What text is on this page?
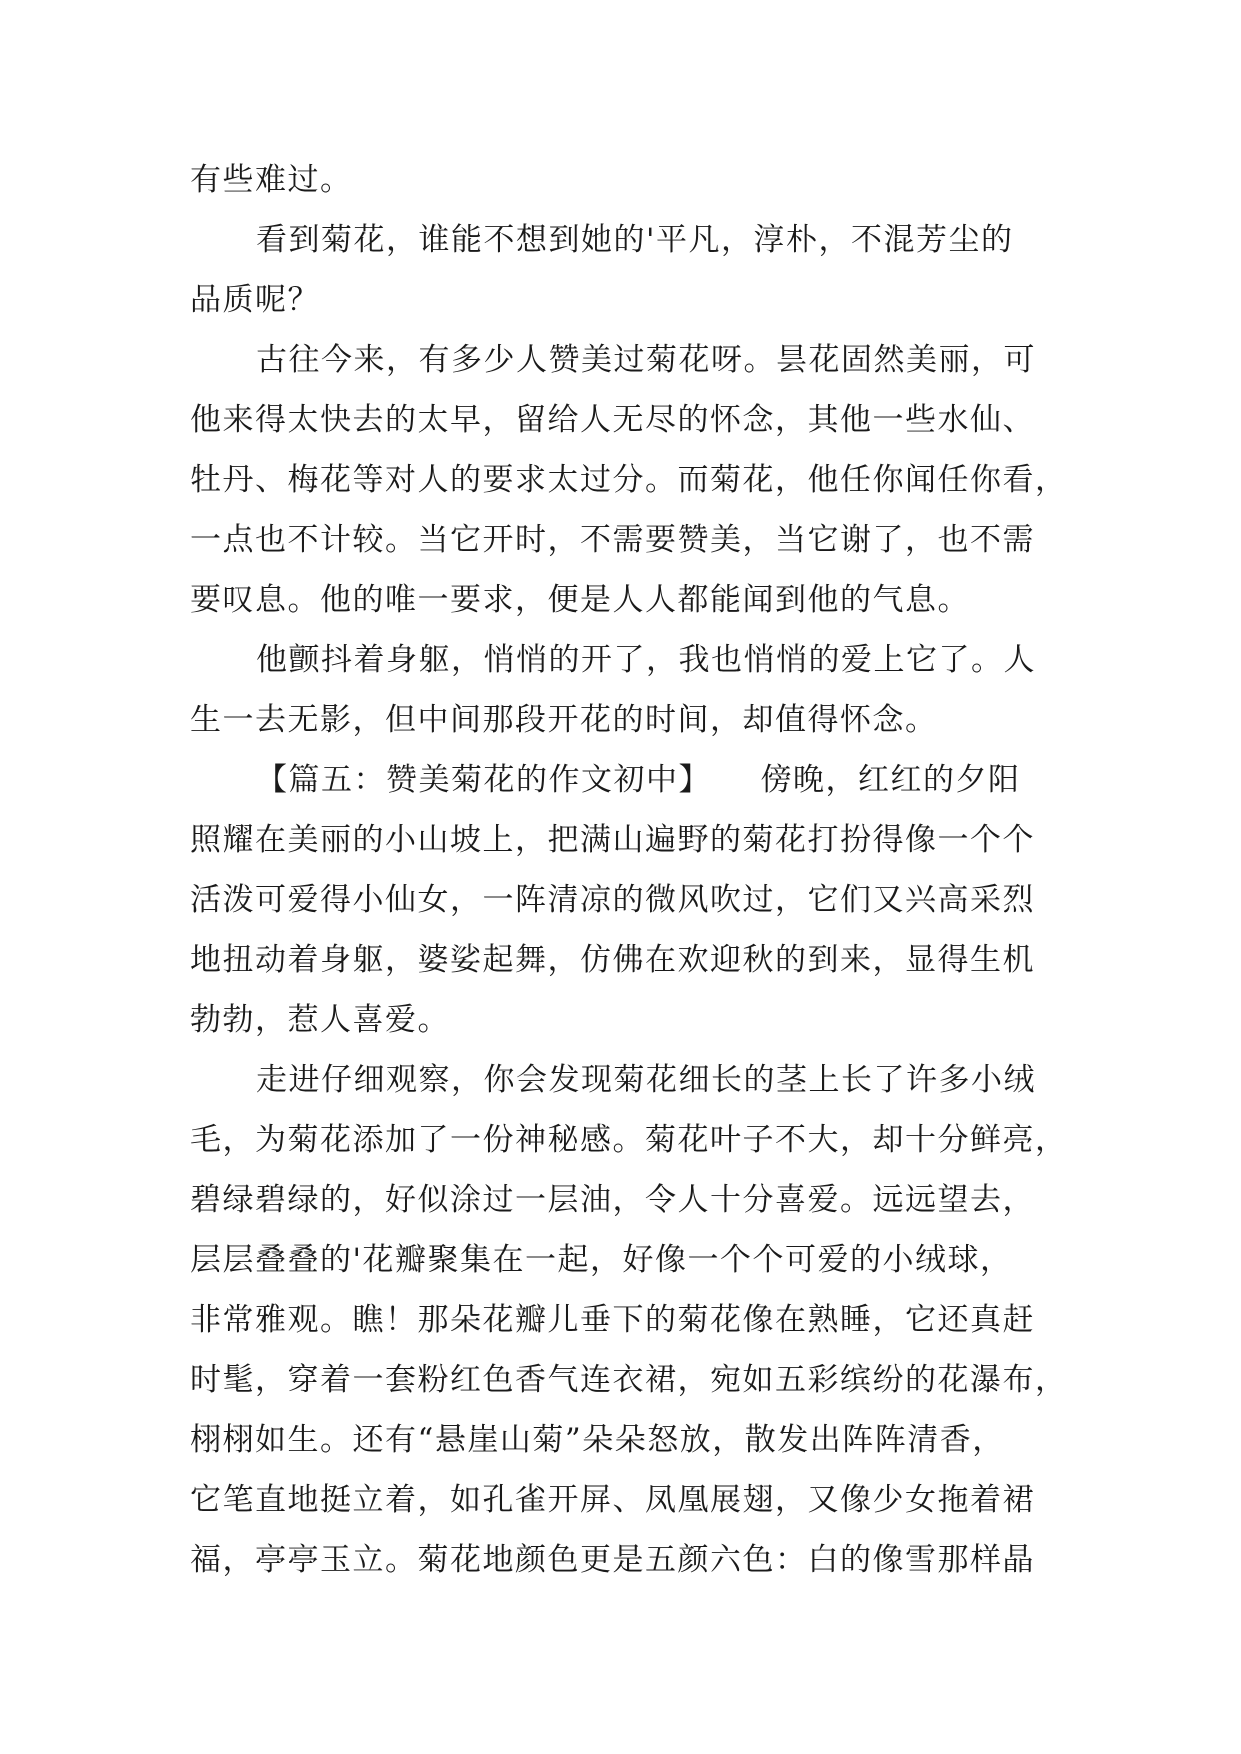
有些难过。
看到菊花，谁能不想到她的'平凡，淳朴，不混芳尘的
品质呢？
古往今来，有多少人赞美过菊花呀。昙花固然美丽，可
他来得太快去的太早，留给人无尽的怀念，其他一些水仙、
牡丹、梅花等对人的要求太过分。而菊花，他任你闻任你看，
一点也不计较。当它开时，不需要赞美，当它谢了，也不需
要叹息。他的唯一要求，便是人人都能闻到他的气息。
他颤抖着身躯，悄悄的开了，我也悄悄的爱上它了。人
生一去无影，但中间那段开花的时间，却值得怀念。
【篇五：赞美菊花的作文初中】　　傍晚，红红的夕阳
照耀在美丽的小山坡上，把满山遍野的菊花打扮得像一个个
活泼可爱得小仙女，一阵清凉的微风吹过，它们又兴高采烈
地扭动着身躯，婆娑起舞，仿佛在欢迎秋的到来，显得生机
勃勃，惹人喜爱。
走进仔细观察，你会发现菊花细长的茎上长了许多小绒
毛，为菊花添加了一份神秘感。菊花叶子不大，却十分鲜亮，
碧绿碧绿的，好似涂过一层油，令人十分喜爱。远远望去，
层层叠叠的'花瓣聚集在一起，好像一个个可爱的小绒球，
非常雅观。瞧！那朵花瓣儿垂下的菊花像在熟睡，它还真赶
时髦，穿着一套粉红色香气连衣裙，宛如五彩缤纷的花瀑布，
栩栩如生。还有“悬崖山菊”朵朵怒放，散发出阵阵清香，
它笔直地挺立着，如孔雀开屏、凤凰展翅，又像少女拖着裙
福，亭亭玉立。菊花地颜色更是五颜六色：白的像雪那样晶
